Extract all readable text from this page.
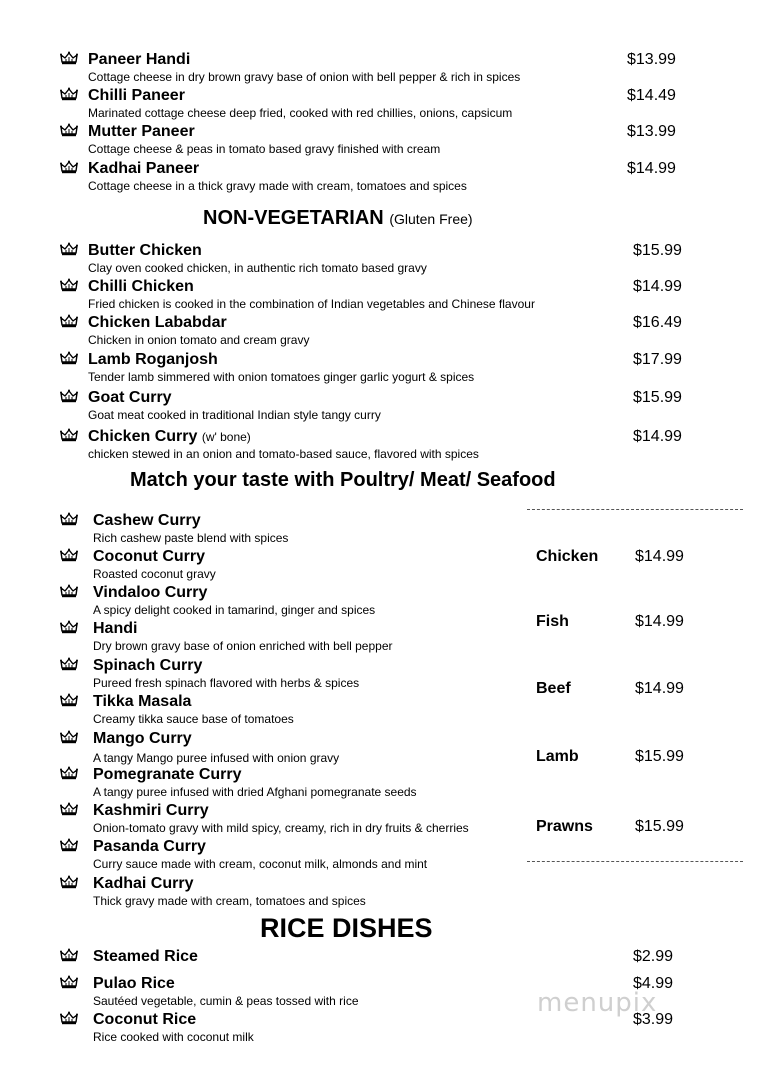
Paneer Handi
Cottage cheese in dry brown gravy base of onion with bell pepper & rich in spices
$13.99
Chilli Paneer
Marinated cottage cheese deep fried, cooked with red chillies, onions, capsicum
$14.49
Mutter Paneer
Cottage cheese & peas in tomato based gravy finished with cream
$13.99
Kadhai Paneer
Cottage cheese in a thick gravy made with cream, tomatoes and spices
$14.99
NON-VEGETARIAN (Gluten Free)
Butter Chicken
Clay oven cooked chicken, in authentic rich tomato based gravy
$15.99
Chilli Chicken
Fried chicken is cooked in the combination of Indian vegetables and Chinese flavour
$14.99
Chicken Lababdar
Chicken in onion tomato and cream gravy
$16.49
Lamb Roganjosh
Tender lamb simmered with onion tomatoes ginger garlic yogurt & spices
$17.99
Goat Curry
Goat meat cooked in traditional Indian style tangy curry
$15.99
Chicken Curry (w' bone)
chicken stewed in an onion and tomato-based sauce, flavored with spices
$14.99
Match your taste with Poultry/ Meat/ Seafood
Cashew Curry
Rich cashew paste blend with spices
Coconut Curry
Roasted coconut gravy
Vindaloo Curry
A spicy delight cooked in tamarind, ginger and spices
Handi
Dry brown gravy base of onion enriched with bell pepper
Spinach Curry
Pureed fresh spinach flavored with herbs & spices
Tikka Masala
Creamy tikka sauce base of tomatoes
Mango Curry
A tangy Mango puree infused with onion gravy
Pomegranate Curry
A tangy puree infused with dried Afghani pomegranate seeds
Kashmiri Curry
Onion-tomato gravy with mild spicy, creamy, rich in dry fruits & cherries
Pasanda Curry
Curry sauce made with cream, coconut milk, almonds and mint
Kadhai Curry
Thick gravy made with cream, tomatoes and spices
Chicken $14.99
Fish	$14.99
Beef	$14.99
Lamb	$15.99
Prawns	$15.99
RICE DISHES
Steamed Rice	$2.99
Pulao Rice
Sautéed vegetable, cumin & peas tossed with rice
$4.99
Coconut Rice
Rice cooked with coconut milk
$3.99
menupix
